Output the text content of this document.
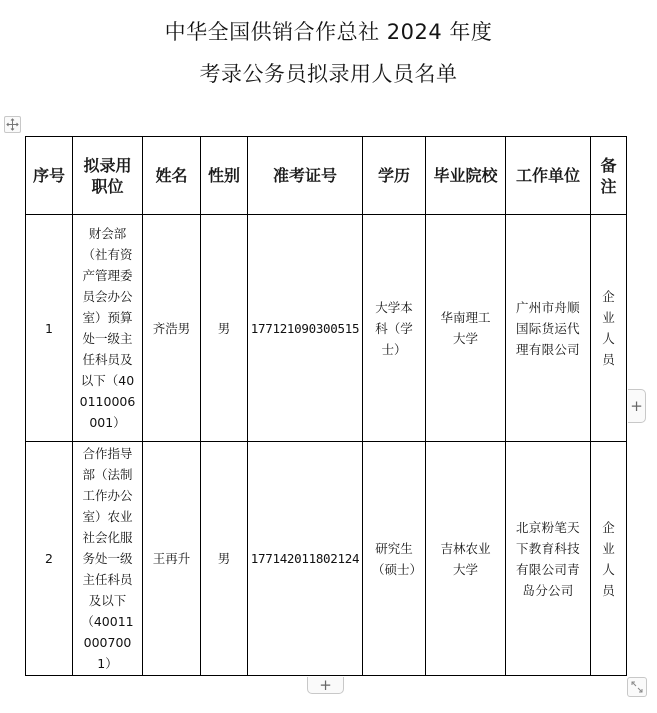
中华全国供销合作总社 2024 年度
考录公务员拟录用人员名单
序号	拟录用职位	姓名	性别	准考证号	学历	毕业院校	工作单位	备注
1	财会部（社有资产管理委员会办公室）预算处一级主任科员及以下（400110006001）	齐浩男	男	177121090300515	大学本科（学士）	华南理工大学	广州市舟顺国际货运代理有限公司	企业人员
2	合作指导部（法制工作办公室）农业社会化服务处一级主任科员及以下（400110007001）	王再升	男	177142011802124	研究生（硕士）	吉林农业大学	北京粉笔天下教育科技有限公司青岛分公司	企业人员
+
+
